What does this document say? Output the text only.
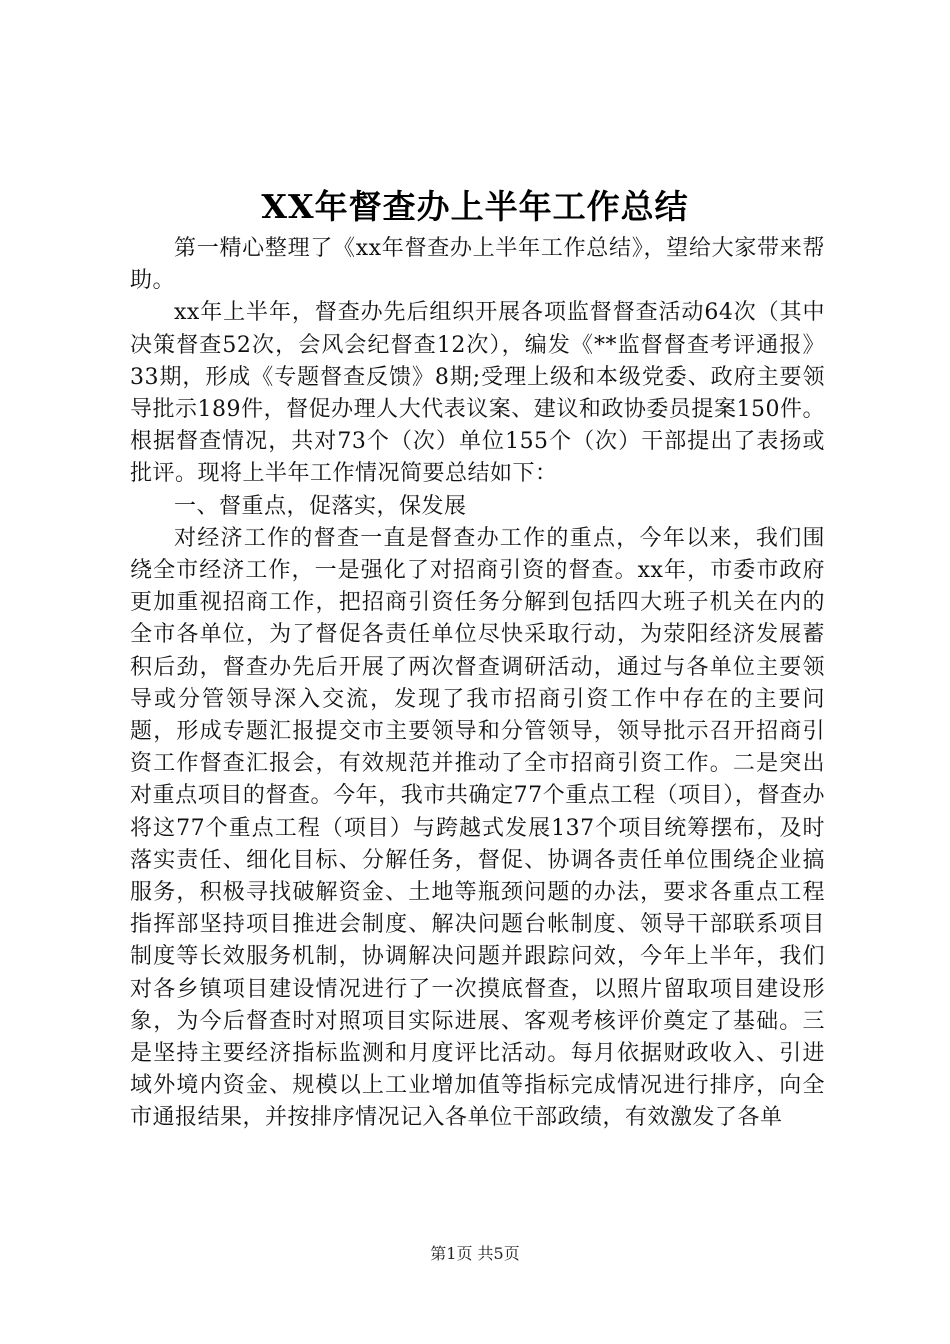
XX年督查办上半年工作总结

第一精心整理了《xx年督查办上半年工作总结》，望给大家带来帮助。

xx年上半年，督查办先后组织开展各项监督督查活动64次（其中决策督查52次，会风会纪督查12次），编发《**监督督查考评通报》33期，形成《专题督查反馈》8期;受理上级和本级党委、政府主要领导批示189件，督促办理人大代表议案、建议和政协委员提案150件。根据督查情况，共对73个（次）单位155个（次）干部提出了表扬或批评。现将上半年工作情况简要总结如下：

一、督重点，促落实，保发展

对经济工作的督查一直是督查办工作的重点，今年以来，我们围绕全市经济工作，一是强化了对招商引资的督查。xx年，市委市政府更加重视招商工作，把招商引资任务分解到包括四大班子机关在内的全市各单位，为了督促各责任单位尽快采取行动，为荥阳经济发展蓄积后劲，督查办先后开展了两次督查调研活动，通过与各单位主要领导或分管领导深入交流，发现了我市招商引资工作中存在的主要问题，形成专题汇报提交市主要领导和分管领导，领导批示召开招商引资工作督查汇报会，有效规范并推动了全市招商引资工作。二是突出对重点项目的督查。今年，我市共确定77个重点工程（项目），督查办将这77个重点工程（项目）与跨越式发展137个项目统筹摆布，及时落实责任、细化目标、分解任务，督促、协调各责任单位围绕企业搞服务，积极寻找破解资金、土地等瓶颈问题的办法，要求各重点工程指挥部坚持项目推进会制度、解决问题台帐制度、领导干部联系项目制度等长效服务机制，协调解决问题并跟踪问效，今年上半年，我们对各乡镇项目建设情况进行了一次摸底督查，以照片留取项目建设形象，为今后督查时对照项目实际进展、客观考核评价奠定了基础。三是坚持主要经济指标监测和月度评比活动。每月依据财政收入、引进域外境内资金、规模以上工业增加值等指标完成情况进行排序，向全市通报结果，并按排序情况记入各单位干部政绩，有效激发了各单

第1页 共5页
